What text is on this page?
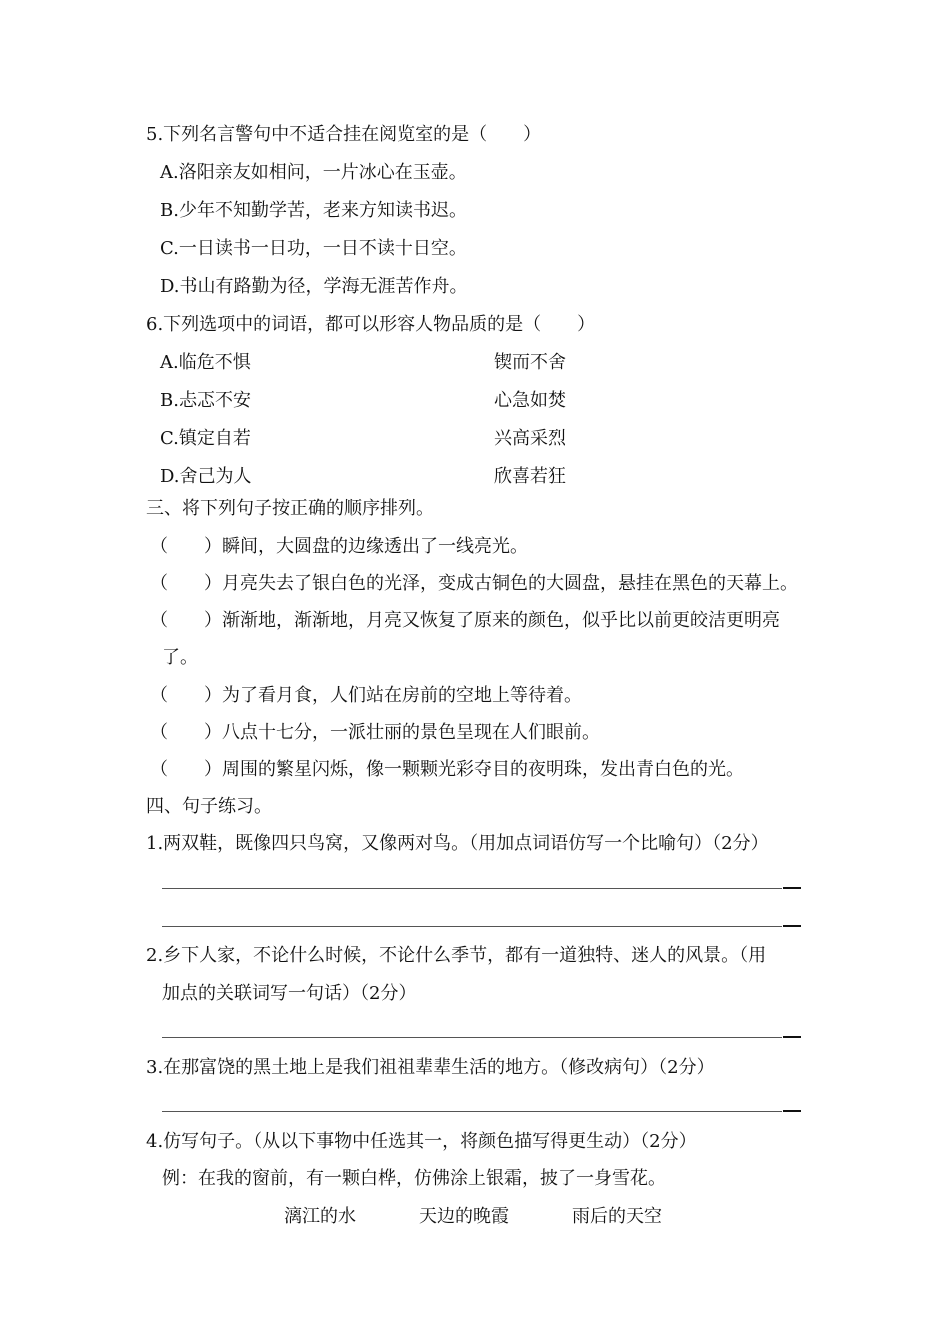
5.下列名言警句中不适合挂在阅览室的是（　　）
A.洛阳亲友如相问，一片冰心在玉壶。
B.少年不知勤学苦，老来方知读书迟。
C.一日读书一日功，一日不读十日空。
D.书山有路勤为径，学海无涯苦作舟。
6.下列选项中的词语，都可以形容人物品质的是（　　）
A.临危不惧	锲而不舍
B.忐忑不安	心急如焚
C.镇定自若	兴高采烈
D.舍己为人	欣喜若狂
三、将下列句子按正确的顺序排列。
（　　）瞬间，大圆盘的边缘透出了一线亮光。
（　　）月亮失去了银白色的光泽，变成古铜色的大圆盘，悬挂在黑色的天幕上。
（　　）渐渐地，渐渐地，月亮又恢复了原来的颜色，似乎比以前更皎洁更明亮
了。
（　　）为了看月食，人们站在房前的空地上等待着。
（　　）八点十七分，一派壮丽的景色呈现在人们眼前。
（　　）周围的繁星闪烁，像一颗颗光彩夺目的夜明珠，发出青白色的光。
四、句子练习。
1.两双鞋，既像四只鸟窝，又像两对鸟。（用加点词语仿写一个比喻句）（2分）
2.乡下人家，不论什么时候，不论什么季节，都有一道独特、迷人的风景。（用
加点的关联词写一句话）（2分）
3.在那富饶的黑土地上是我们祖祖辈辈生活的地方。（修改病句）（2分）
4.仿写句子。（从以下事物中任选其一，将颜色描写得更生动）（2分）
例：在我的窗前，有一颗白桦，仿佛涂上银霜，披了一身雪花。
漓江的水	天边的晚霞	雨后的天空
